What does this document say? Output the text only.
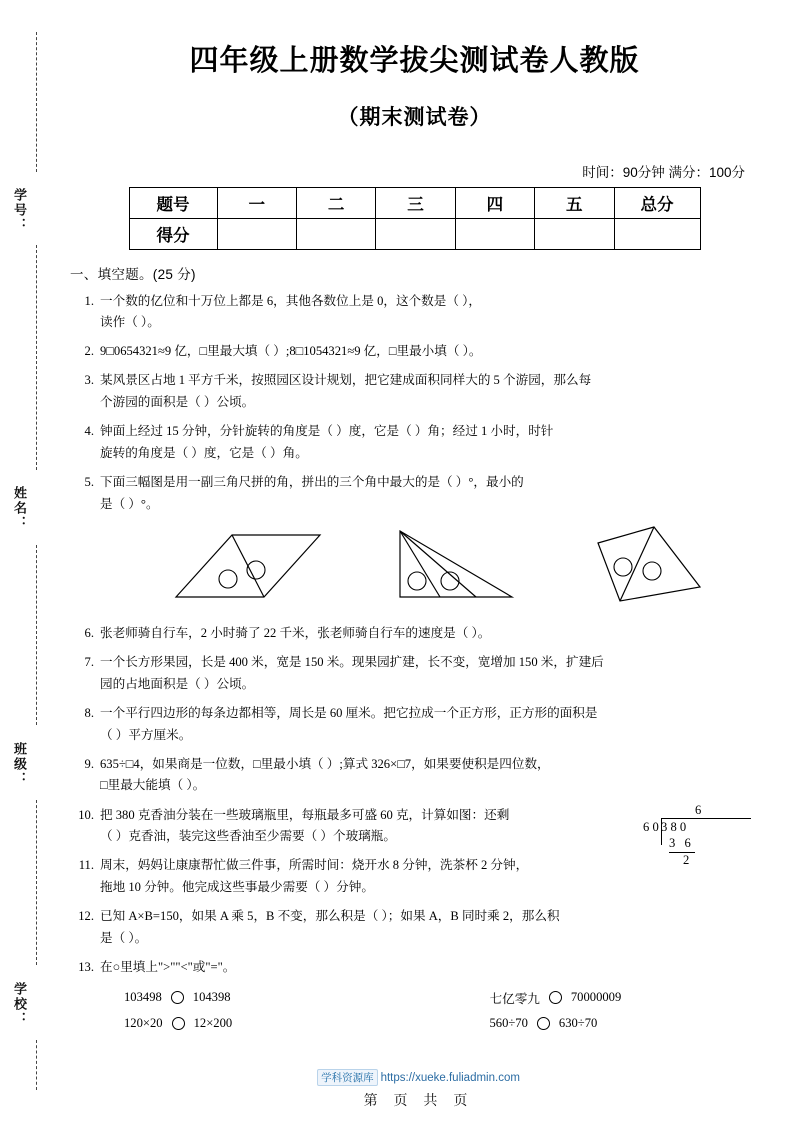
学号：
姓名：
班级：
学校：
四年级上册数学拔尖测试卷人教版
（期末测试卷）
时间：90分钟 满分：100分
题号	一	二	三	四	五	总分
得分						
一、填空题。(25 分)
1. 一个数的亿位和十万位上都是 6，其他各数位上是 0，这个数是（ ），
读作（ ）。
2. 9□0654321≈9 亿，□里最大填（ ）;8□1054321≈9 亿，□里最小填（ ）。
3. 某风景区占地 1 平方千米，按照园区设计规划，把它建成面积同样大的 5 个游园，那么每
个游园的面积是（ ）公顷。
4. 钟面上经过 15 分钟，分针旋转的角度是（ ）度，它是（ ）角；经过 1 小时，时针
旋转的角度是（ ）度，它是（ ）角。
5. 下面三幅图是用一副三角尺拼的角，拼出的三个角中最大的是（ ）°，最小的
是（ ）°。
6. 张老师骑自行车，2 小时骑了 22 千米，张老师骑自行车的速度是（ ）。
7. 一个长方形果园，长是 400 米，宽是 150 米。现果园扩建，长不变，宽增加 150 米，扩建后
园的占地面积是（ ）公顷。
8. 一个平行四边形的每条边都相等，周长是 60 厘米。把它拉成一个正方形，正方形的面积是
（ ）平方厘米。
9. 635÷□4，如果商是一位数，□里最小填（ ）;算式 326×□7，如果要使积是四位数，
□里最大能填（ ）。
10. 把 380 克香油分装在一些玻璃瓶里，每瓶最多可盛 60 克，计算如图：还剩
（ ）克香油，装完这些香油至少需要（ ）个玻璃瓶。
6
6 0 3 8 0
3 6
2
11. 周末，妈妈让康康帮忙做三件事，所需时间：烧开水 8 分钟，洗茶杯 2 分钟，
拖地 10 分钟。他完成这些事最少需要（ ）分钟。
12. 已知 A×B=150，如果 A 乘 5，B 不变，那么积是（ ）；如果 A，B 同时乘 2，那么积
是（ ）。
13. 在○里填上">""<"或"="。
103498 104398	七亿零九 70000009
120×20 12×200	560÷70 630÷70
学科资源库 https://xueke.fuliadmin.com
第 页 共 页
